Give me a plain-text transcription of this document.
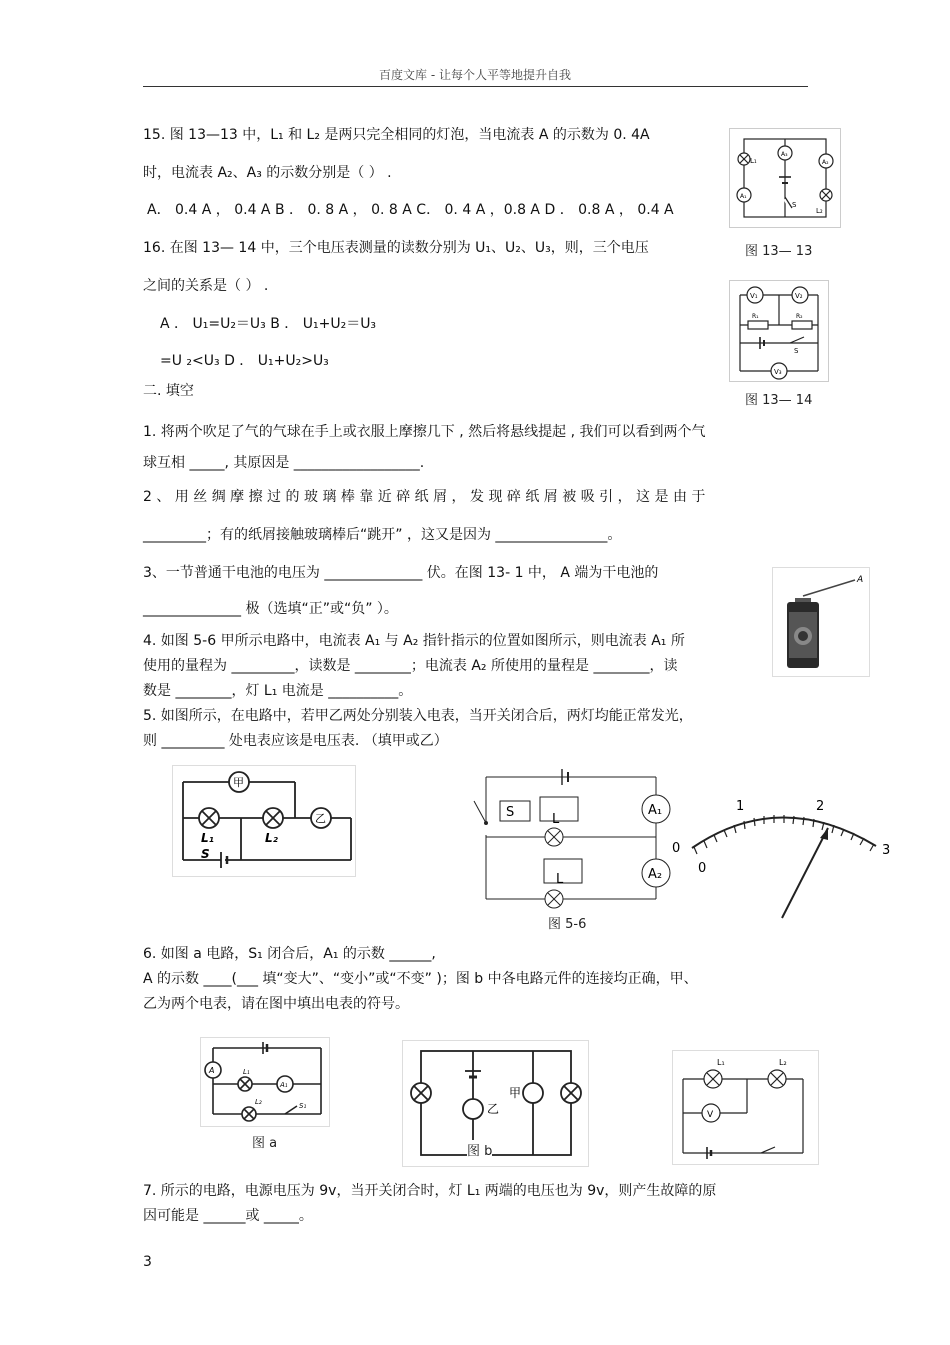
百度文库 - 让每个人平等地提升自我
15. 图 13—13 中，L₁ 和 L₂ 是两只完全相同的灯泡，当电流表 A 的示数为 0. 4A
时，电流表 A₂、A₃ 的示数分别是（ ） .
A． 0.4 A ， 0.4 A B ． 0. 8 A ， 0. 8 A C． 0. 4 A ，0.8 A D ． 0.8 A ， 0.4 A
16. 在图 13— 14 中，三个电压表测量的读数分别为 U₁、U₂、U₃，则，三个电压
之间的关系是（ ） .
A ． U₁=U₂＝U₃ B ． U₁+U₂＝U₃
=U ₂<U₃ D ． U₁+U₂>U₃
二. 填空
1. 将两个吹足了气的气球在手上或衣服上摩擦几下 , 然后将悬线提起 , 我们可以看到两个气
球互相 _____, 其原因是 __________________.
2 、 用 丝 绸 摩 擦 过 的 玻 璃 棒 靠 近 碎 纸 屑 ， 发 现 碎 纸 屑 被 吸 引 ， 这 是 由 于
_________；有的纸屑接触玻璃棒后“跳开” ，这又是因为 ________________。
3、一节普通干电池的电压为 ______________ 伏。在图 13- 1 中， A 端为干电池的
______________ 极（选填“正”或“负” ）。
4. 如图 5-6 甲所示电路中，电流表 A₁ 与 A₂ 指针指示的位置如图所示，则电流表 A₁ 所
使用的量程为 _________，读数是 ________；电流表 A₂ 所使用的量程是 ________，读
数是 ________，灯 L₁ 电流是 __________。
5. 如图所示，在电路中，若甲乙两处分别装入电表，当开关闭合后，两灯均能正常发光，
则 _________ 处电表应该是电压表. （填甲或乙）
6. 如图 a 电路，S₁ 闭合后，A₁ 的示数 ______,
A 的示数 ____(___ 填“变大”、“变小”或“不变” )；图 b 中各电路元件的连接均正确，甲、
乙为两个电表，请在图中填出电表的符号。
7. 所示的电路，电源电压为 9v，当开关闭合时，灯 L₁ 两端的电压也为 9v，则产生故障的原
因可能是 ______或 _____。
3
L₁
A₃
A₂
A₁
S
L₂
图 13— 13
V₁	V₂
R₁	R₂
S
V₃
图 13— 14
A
甲
乙
L₁	L₂
S
S	L
L
A₁
A₂
图 5-6
0
1	2
3
0
A	L₁
A₁
L₂	S₁
图 a
甲
乙
图 b
L₁	L₂
V
